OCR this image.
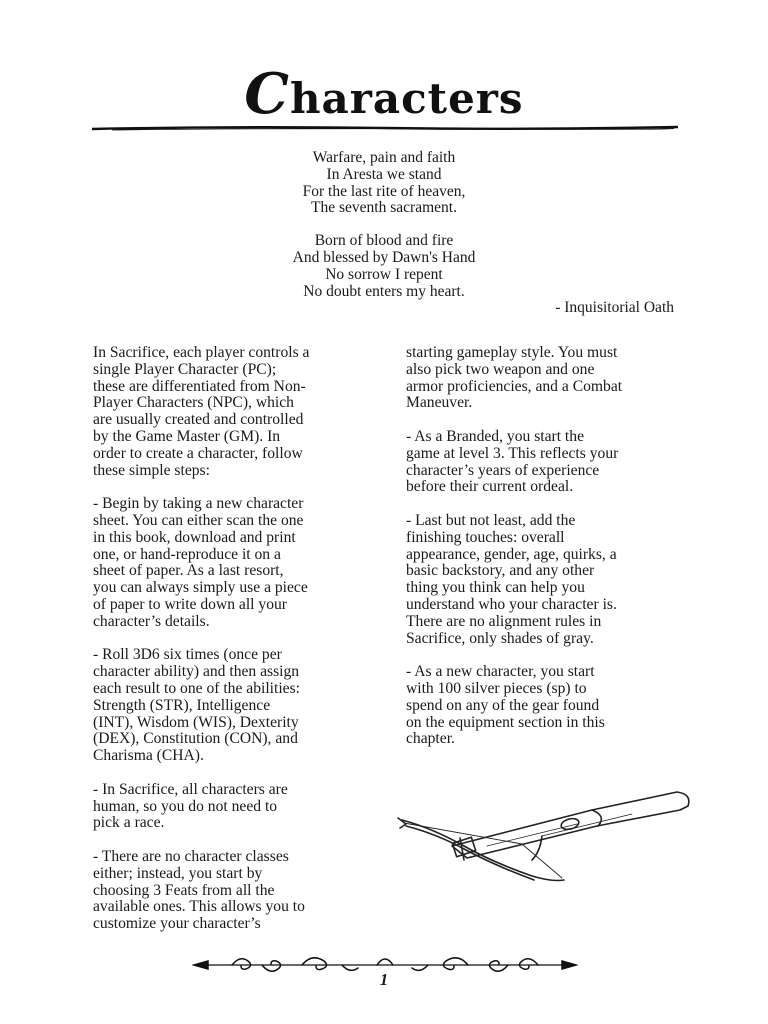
Characters
Warfare, pain and faith
In Aresta we stand
For the last rite of heaven,
The seventh sacrament.
Born of blood and fire
And blessed by Dawn's Hand
No sorrow I repent
No doubt enters my heart.
- Inquisitorial Oath

In Sacrifice, each player controls a
single Player Character (PC);
these are differentiated from Non-
Player Characters (NPC), which
are usually created and controlled
by the Game Master (GM). In
order to create a character, follow
these simple steps:

- Begin by taking a new character
sheet. You can either scan the one
in this book, download and print
one, or hand-reproduce it on a
sheet of paper. As a last resort,
you can always simply use a piece
of paper to write down all your
character’s details.

- Roll 3D6 six times (once per
character ability) and then assign
each result to one of the abilities:
Strength (STR), Intelligence
(INT), Wisdom (WIS), Dexterity
(DEX), Constitution (CON), and
Charisma (CHA).

- In Sacrifice, all characters are
human, so you do not need to
pick a race.

- There are no character classes
either; instead, you start by
choosing 3 Feats from all the
available ones. This allows you to
customize your character’s

starting gameplay style. You must
also pick two weapon and one
armor proficiencies, and a Combat
Maneuver.

- As a Branded, you start the
game at level 3. This reflects your
character’s years of experience
before their current ordeal.

- Last but not least, add the
finishing touches: overall
appearance, gender, age, quirks, a
basic backstory, and any other
thing you think can help you
understand who your character is.
There are no alignment rules in
Sacrifice, only shades of gray.

- As a new character, you start
with 100 silver pieces (sp) to
spend on any of the gear found
on the equipment section in this
chapter.

1
